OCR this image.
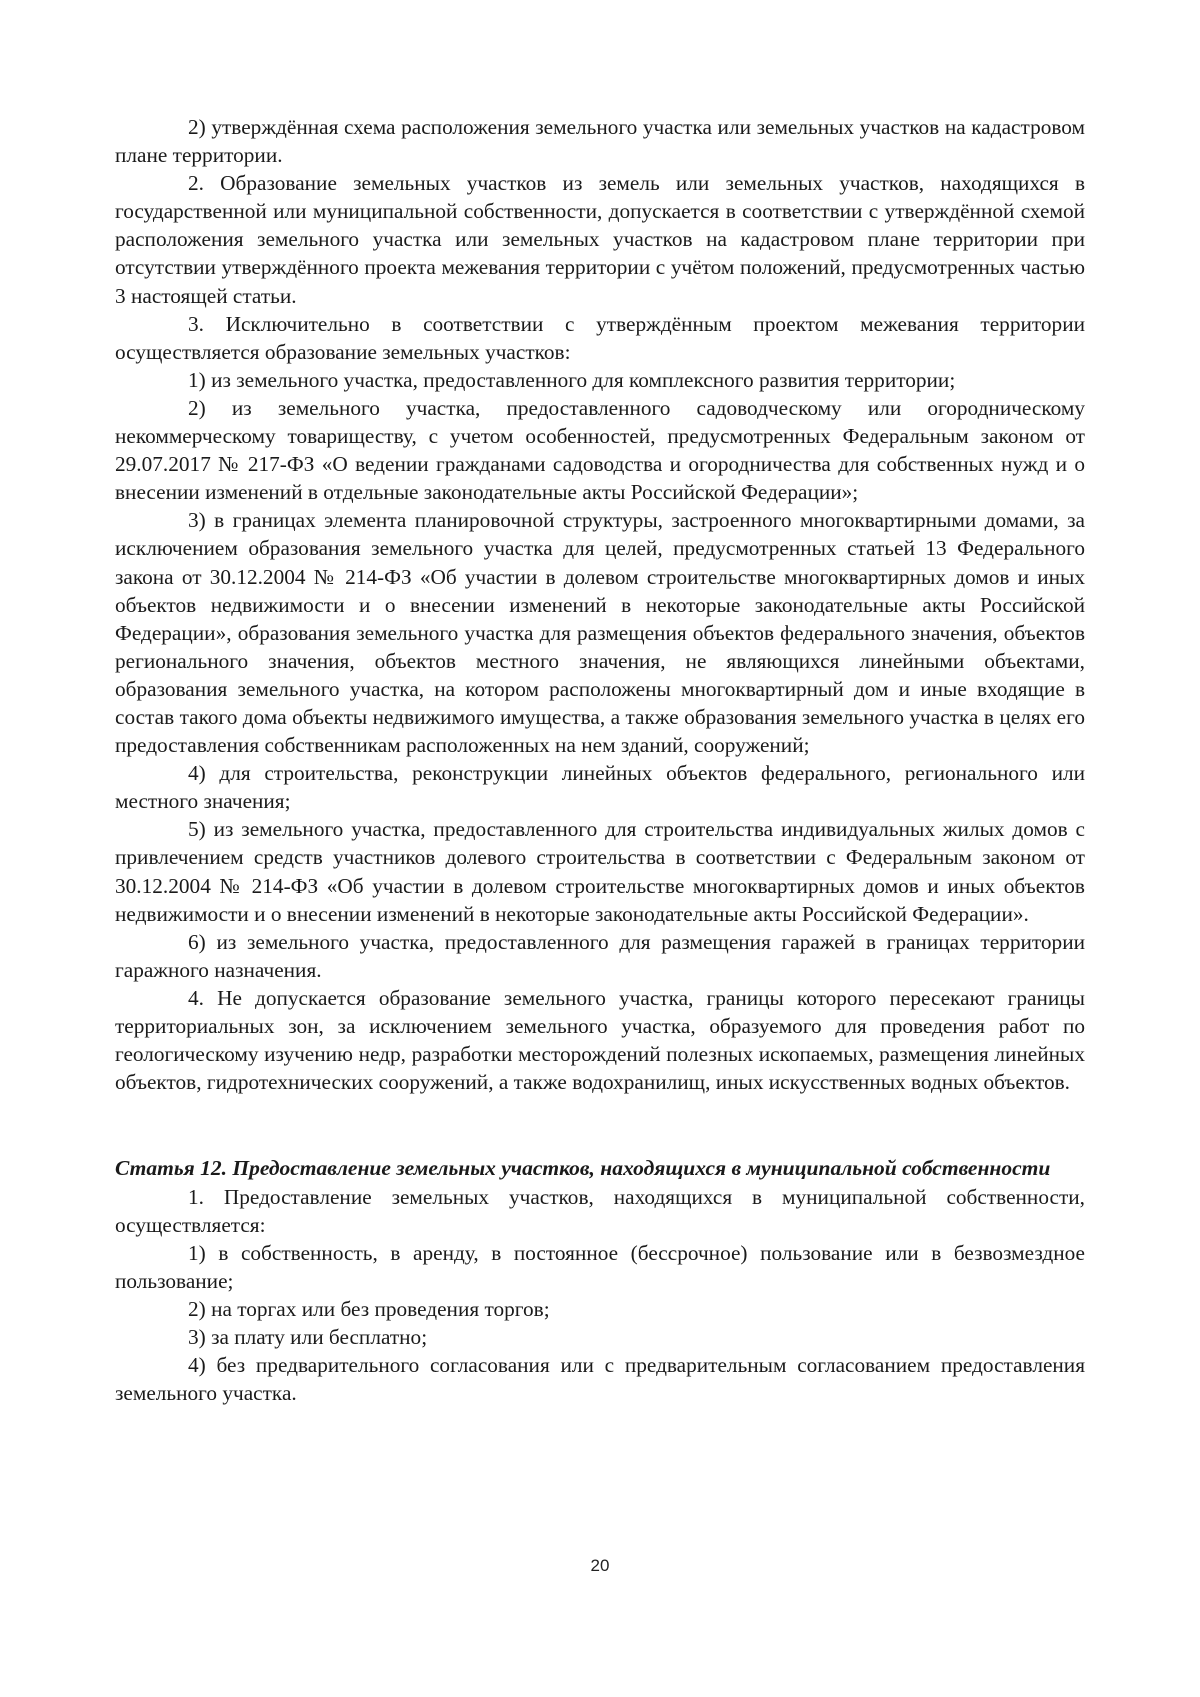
2) утверждённая схема расположения земельного участка или земельных участков на кадастровом плане территории.

2. Образование земельных участков из земель или земельных участков, находящихся в государственной или муниципальной собственности, допускается в соответствии с утверждённой схемой расположения земельного участка или земельных участков на кадастровом плане территории при отсутствии утверждённого проекта межевания территории с учётом положений, предусмотренных частью 3 настоящей статьи.

3. Исключительно в соответствии с утверждённым проектом межевания территории осуществляется образование земельных участков:

1) из земельного участка, предоставленного для комплексного развития территории;

2) из земельного участка, предоставленного садоводческому или огородническому некоммерческому товариществу, с учетом особенностей, предусмотренных Федеральным законом от 29.07.2017 № 217-ФЗ «О ведении гражданами садоводства и огородничества для собственных нужд и о внесении изменений в отдельные законодательные акты Российской Федерации»;

3) в границах элемента планировочной структуры, застроенного многоквартирными домами, за исключением образования земельного участка для целей, предусмотренных статьей 13 Федерального закона от 30.12.2004 № 214-ФЗ «Об участии в долевом строительстве многоквартирных домов и иных объектов недвижимости и о внесении изменений в некоторые законодательные акты Российской Федерации», образования земельного участка для размещения объектов федерального значения, объектов регионального значения, объектов местного значения, не являющихся линейными объектами, образования земельного участка, на котором расположены многоквартирный дом и иные входящие в состав такого дома объекты недвижимого имущества, а также образования земельного участка в целях его предоставления собственникам расположенных на нем зданий, сооружений;

4) для строительства, реконструкции линейных объектов федерального, регионального или местного значения;

5) из земельного участка, предоставленного для строительства индивидуальных жилых домов с привлечением средств участников долевого строительства в соответствии с Федеральным законом от 30.12.2004 № 214-ФЗ «Об участии в долевом строительстве многоквартирных домов и иных объектов недвижимости и о внесении изменений в некоторые законодательные акты Российской Федерации».

6) из земельного участка, предоставленного для размещения гаражей в границах территории гаражного назначения.

4. Не допускается образование земельного участка, границы которого пересекают границы территориальных зон, за исключением земельного участка, образуемого для проведения работ по геологическому изучению недр, разработки месторождений полезных ископаемых, размещения линейных объектов, гидротехнических сооружений, а также водохранилищ, иных искусственных водных объектов.

Статья 12. Предоставление земельных участков, находящихся в муниципальной собственности

1. Предоставление земельных участков, находящихся в муниципальной собственности, осуществляется:

1) в собственность, в аренду, в постоянное (бессрочное) пользование или в безвозмездное пользование;

2) на торгах или без проведения торгов;

3) за плату или бесплатно;

4) без предварительного согласования или с предварительным согласованием предоставления земельного участка.

20
